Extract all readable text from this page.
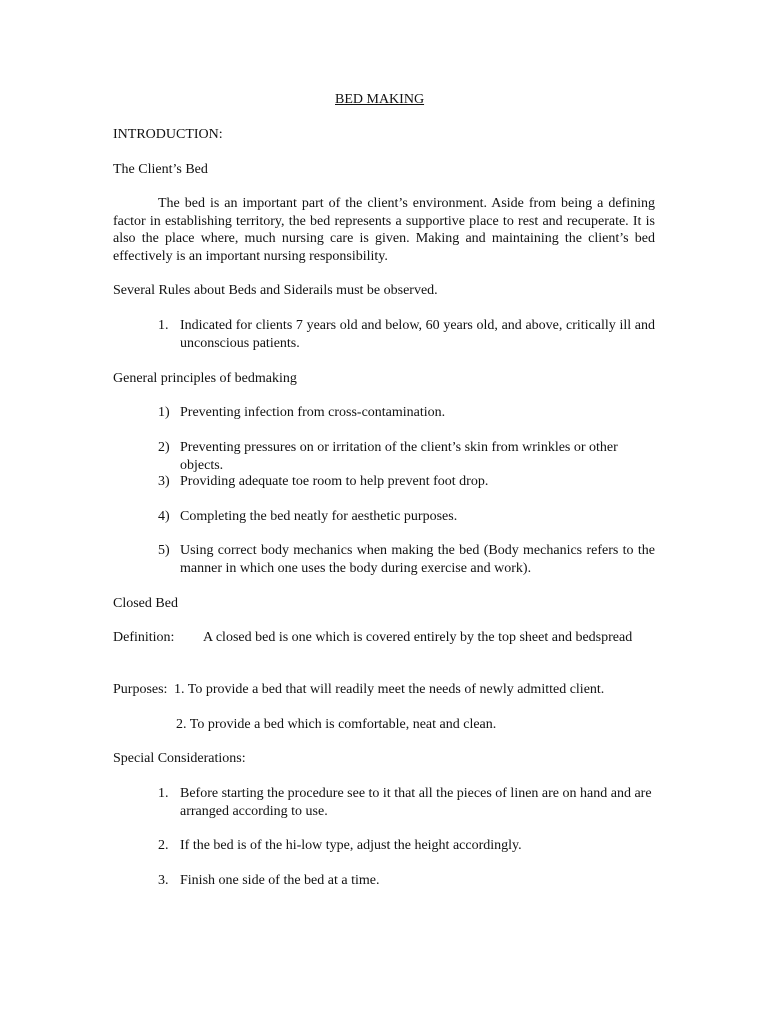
BED MAKING
INTRODUCTION:
The Client’s Bed

The bed is an important part of the client’s environment. Aside from being a defining factor in establishing territory, the bed represents a supportive place to rest and recuperate. It is also the place where, much nursing care is given. Making and maintaining the client’s bed effectively is an important nursing responsibility.

Several Rules about Beds and Siderails must be observed.
1. Indicated for clients 7 years old and below, 60 years old, and above, critically ill and unconscious patients.

General principles of bedmaking
1) Preventing infection from cross-contamination.

2) Preventing pressures on or irritation of the client’s skin from wrinkles or other objects.

3) Providing adequate toe room to help prevent foot drop.

4) Completing the bed neatly for aesthetic purposes.

5) Using correct body mechanics when making the bed (Body mechanics refers to the manner in which one uses the body during exercise and work).

Closed Bed
Definition: A closed bed is one which is covered entirely by the top sheet and bedspread

Purposes: 1. To provide a bed that will readily meet the needs of newly admitted client.
2. To provide a bed which is comfortable, neat and clean.
Special Considerations:
1. Before starting the procedure see to it that all the pieces of linen are on hand and are arranged according to use.

2. If the bed is of the hi-low type, adjust the height accordingly.

3. Finish one side of the bed at a time.
